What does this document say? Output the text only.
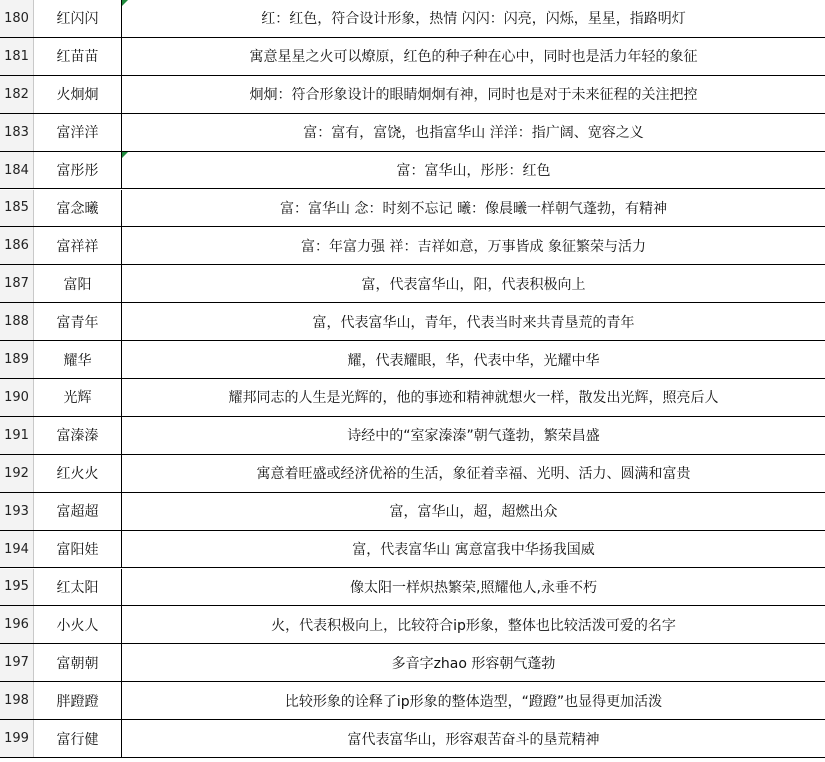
180	红闪闪	红：红色，符合设计形象，热情 闪闪：闪亮，闪烁，星星，指路明灯
181	红苗苗	寓意星星之火可以燎原，红色的种子种在心中，同时也是活力年轻的象征
182	火炯炯	炯炯：符合形象设计的眼睛炯炯有神，同时也是对于未来征程的关注把控
183	富洋洋	富：富有，富饶，也指富华山 洋洋：指广阔、宽容之义
184	富彤彤	富：富华山，彤彤：红色
185	富念曦	富：富华山 念：时刻不忘记 曦：像晨曦一样朝气蓬勃，有精神
186	富祥祥	富：年富力强 祥：吉祥如意，万事皆成 象征繁荣与活力
187	富阳	富，代表富华山，阳，代表积极向上
188	富青年	富，代表富华山，青年，代表当时来共青垦荒的青年
189	耀华	耀，代表耀眼，华，代表中华，光耀中华
190	光辉	耀邦同志的人生是光辉的，他的事迹和精神就想火一样，散发出光辉，照亮后人
191	富溱溱	诗经中的“室家溱溱”朝气蓬勃，繁荣昌盛
192	红火火	寓意着旺盛或经济优裕的生活，象征着幸福、光明、活力、圆满和富贵
193	富超超	富，富华山，超，超燃出众
194	富阳娃	富，代表富华山 寓意富我中华扬我国威
195	红太阳	像太阳一样炽热繁荣,照耀他人,永垂不朽
196	小火人	火，代表积极向上，比较符合ip形象，整体也比较活泼可爱的名字
197	富朝朝	多音字zhao 形容朝气蓬勃
198	胖蹬蹬	比较形象的诠释了ip形象的整体造型，“蹬蹬”也显得更加活泼
199	富行健	富代表富华山，形容艰苦奋斗的垦荒精神
